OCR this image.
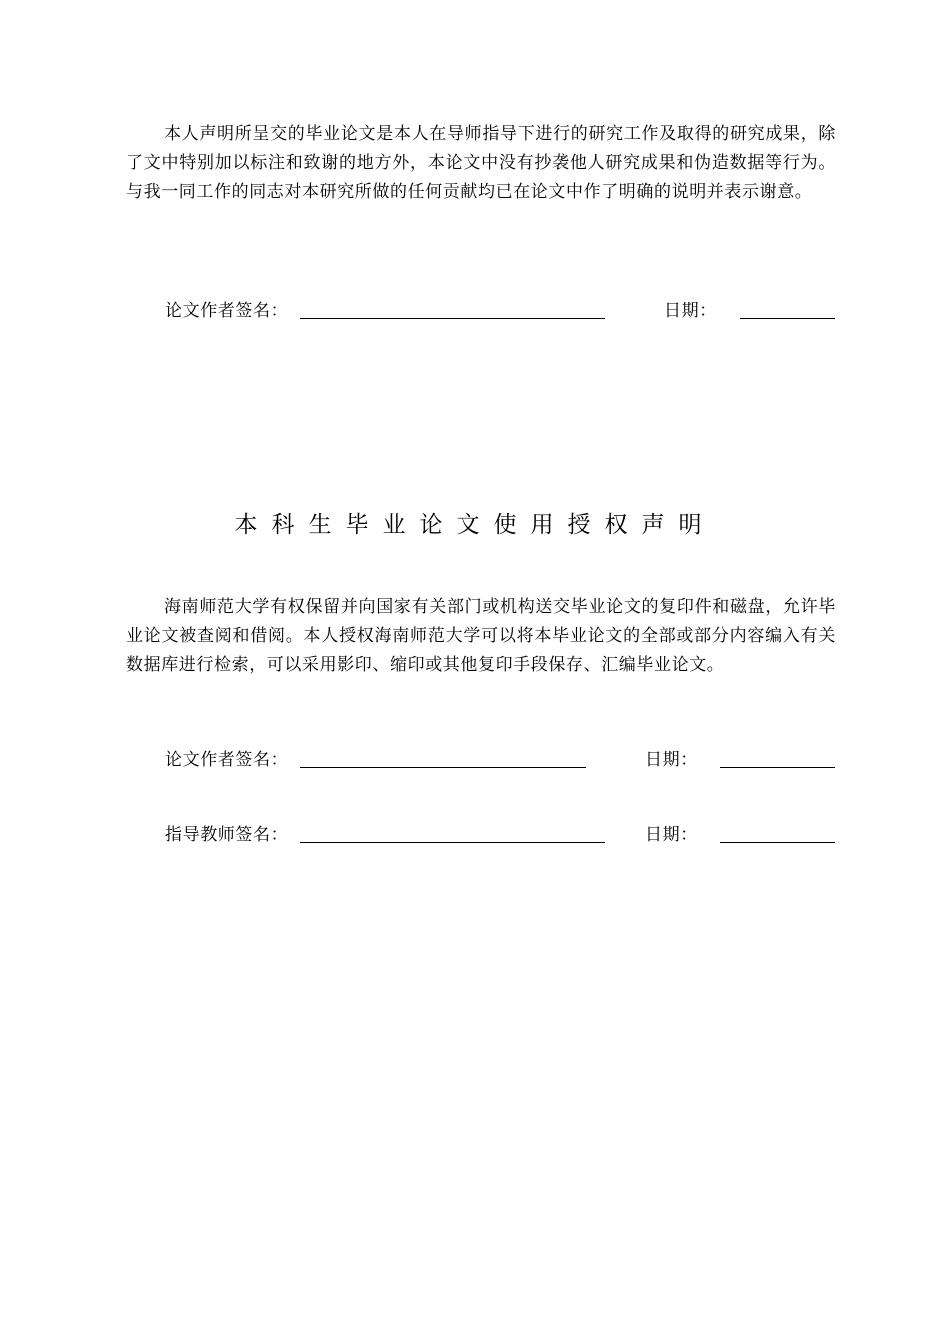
本人声明所呈交的毕业论文是本人在导师指导下进行的研究工作及取得的研究成果，除了文中特别加以标注和致谢的地方外，本论文中没有抄袭他人研究成果和伪造数据等行为。与我一同工作的同志对本研究所做的任何贡献均已在论文中作了明确的说明并表示谢意。

论文作者签名：	日期：
本科生毕业论文使用授权声明

海南师范大学有权保留并向国家有关部门或机构送交毕业论文的复印件和磁盘，允许毕业论文被查阅和借阅。本人授权海南师范大学可以将本毕业论文的全部或部分内容编入有关数据库进行检索，可以采用影印、缩印或其他复印手段保存、汇编毕业论文。

论文作者签名：	日期：
指导教师签名：	日期：
